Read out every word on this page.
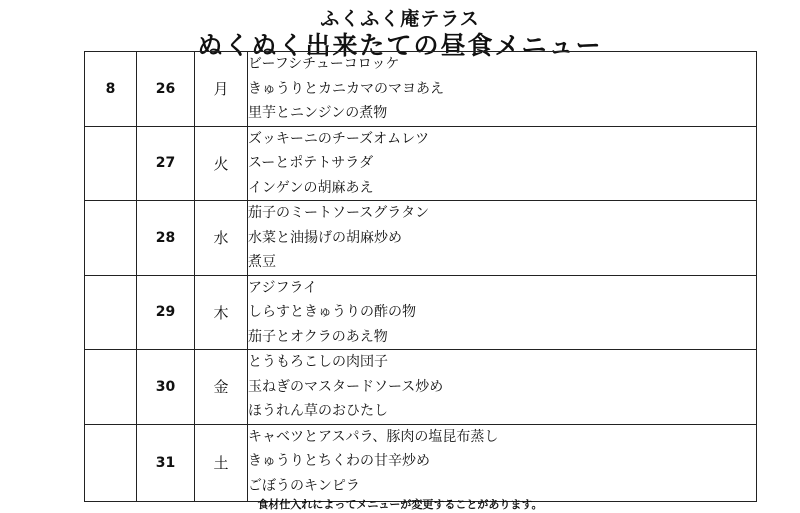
ふくふく庵テラス
ぬくぬく出来たての昼食メニュー
8	26	月	ビーフシチューコロッケ
きゅうりとカニカマのマヨあえ
里芋とニンジンの煮物

	27	火	ズッキーニのチーズオムレツ
スーとポテトサラダ
インゲンの胡麻あえ

	28	水	茄子のミートソースグラタン
水菜と油揚げの胡麻炒め
煮豆

	29	木	アジフライ
しらすときゅうりの酢の物
茄子とオクラのあえ物

	30	金	とうもろこしの肉団子
玉ねぎのマスタードソース炒め
ほうれん草のおひたし

	31	土	キャベツとアスパラ、豚肉の塩昆布蒸し
きゅうりとちくわの甘辛炒め
ごぼうのキンピラ
食材仕入れによってメニューが変更することがあります。
